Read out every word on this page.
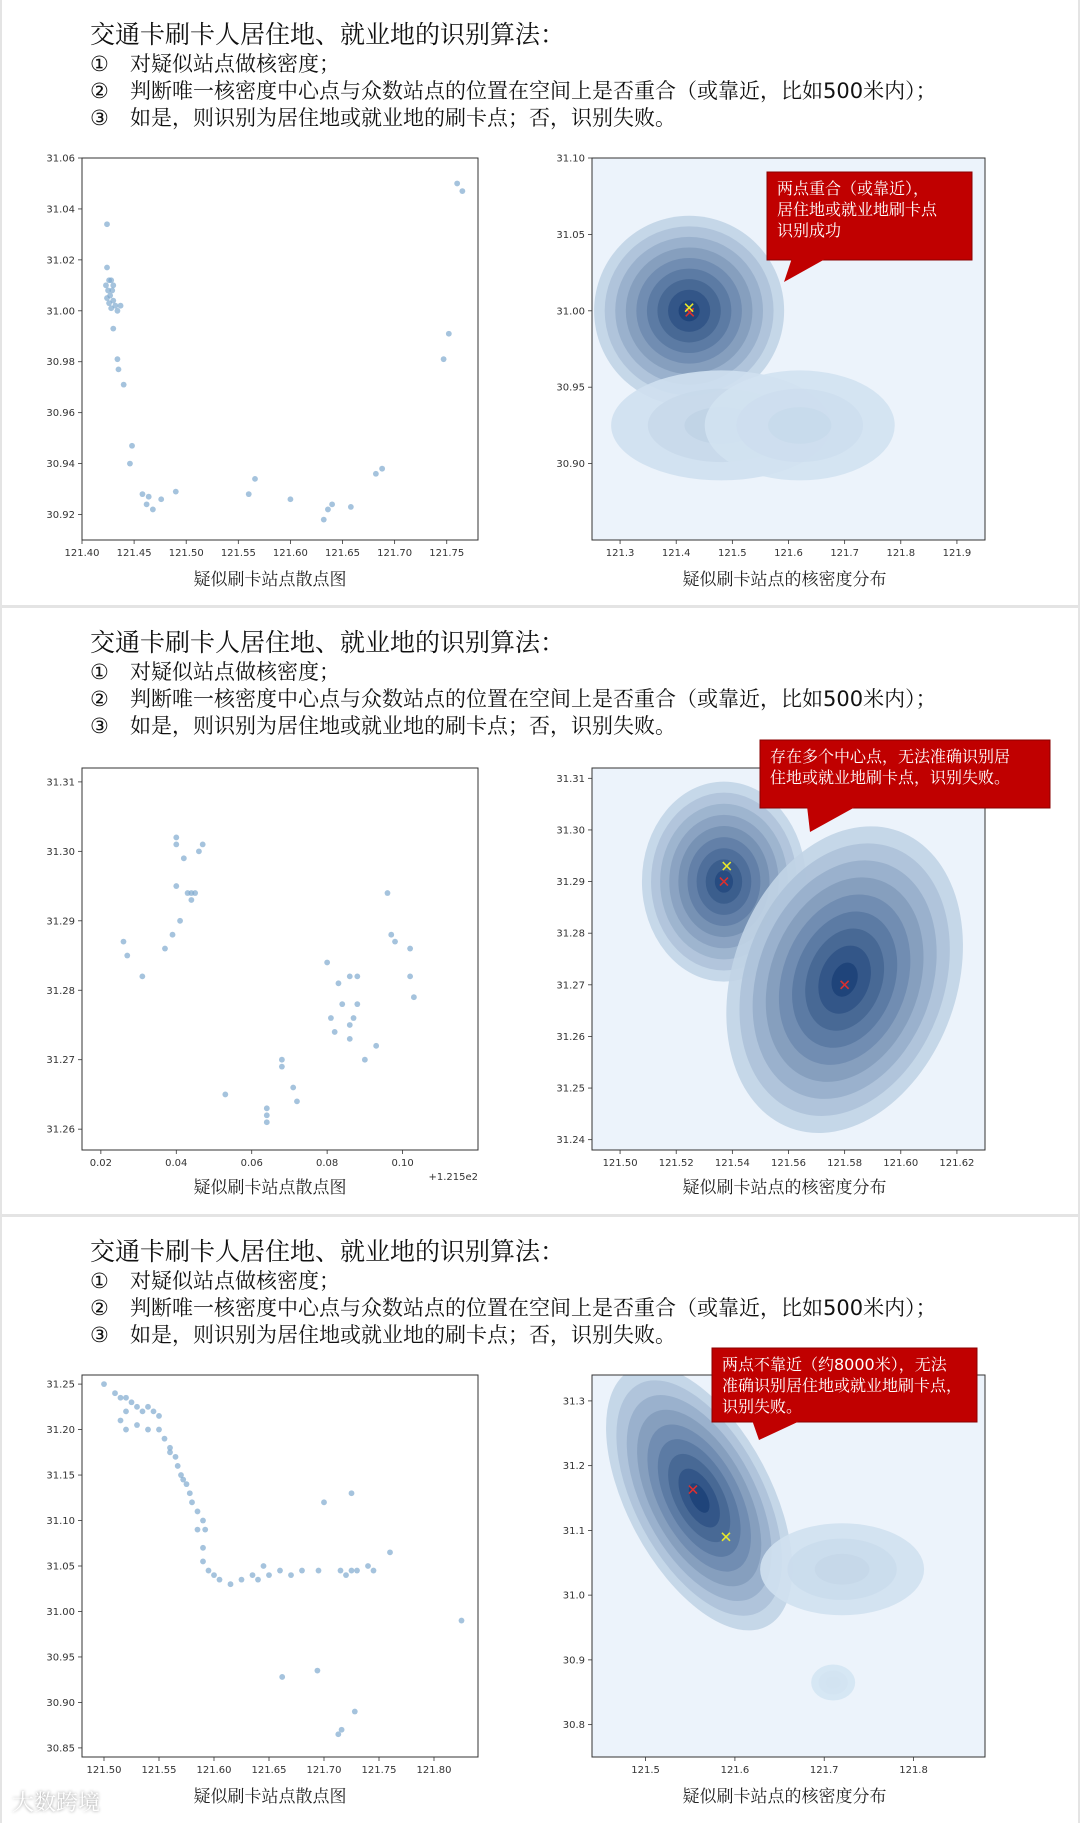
交通卡刷卡人居住地、就业地的识别算法：

① 对疑似站点做核密度；

② 判断唯一核密度中心点与众数站点的位置在空间上是否重合（或靠近，比如500米内）；

③ 如是，则识别为居住地或就业地的刷卡点；否，识别失败。

121.40 121.45 121.50 121.55 121.60 121.65 121.70 121.75
30.92
30.94
30.96
30.98
31.00
31.02
31.04
31.06
121.3	121.4	121.5	121.6	121.7	121.8	121.9
30.90
30.95
31.00
31.05
31.10
两点重合（或靠近），
居住地或就业地刷卡点
识别成功
疑似刷卡站点散点图	疑似刷卡站点的核密度分布

交通卡刷卡人居住地、就业地的识别算法：

① 对疑似站点做核密度；

② 判断唯一核密度中心点与众数站点的位置在空间上是否重合（或靠近，比如500米内）；

③ 如是，则识别为居住地或就业地的刷卡点；否，识别失败。

0.02	0.04	0.06	0.08	0.10
+1.215e2
31.26
31.27
31.28
31.29
31.30
31.31
121.50 121.52 121.54 121.56 121.58 121.60 121.62
31.24
31.25
31.26
31.27
31.28
31.29
31.30
31.31
存在多个中心点，无法准确识别居
住地或就业地刷卡点，识别失败。
疑似刷卡站点散点图	疑似刷卡站点的核密度分布

交通卡刷卡人居住地、就业地的识别算法：

① 对疑似站点做核密度；

② 判断唯一核密度中心点与众数站点的位置在空间上是否重合（或靠近，比如500米内）；

③ 如是，则识别为居住地或就业地的刷卡点；否，识别失败。

121.50 121.55 121.60 121.65 121.70 121.75 121.80
30.85
30.90
30.95
31.00
31.05
31.10
31.15
31.20
31.25
121.5	121.6	121.7	121.8
30.8
30.9
31.0
31.1
31.2
31.3
两点不靠近（约8000米），无法
准确识别居住地或就业地刷卡点，
识别失败。
疑似刷卡站点散点图	疑似刷卡站点的核密度分布
大数跨境
